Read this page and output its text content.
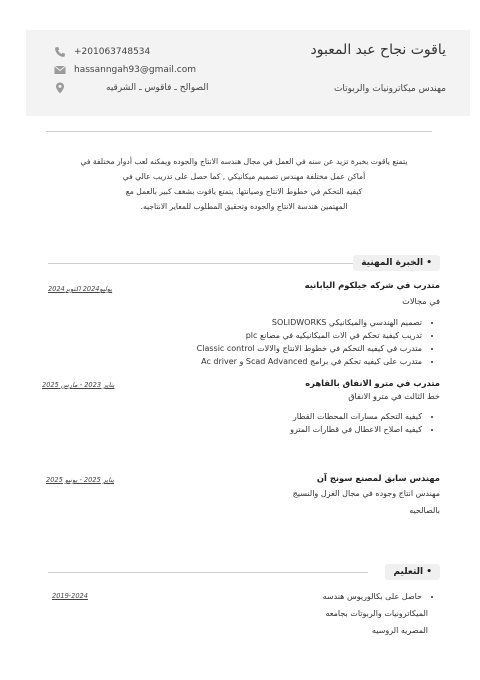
ياقوت نجاح عبد المعبود
مهندس ميكاترونيات والربوتات
+201063748534
hassanngah93@gmail.com
الصوالح ـ فاقوس ـ الشرقيه
يتمتع ياقوت بخبرة تزيد عن سنه في العمل في مجال هندسه الانتاج والجوده ويمكنه لعب أدوار مختلفة في
أماكن عمل مختلفة مهندس تصميم ميكانيكي , كما حصل على تدريب عالي في
كيفيه التحكم في خطوط الانتاج وصيانتها. يتمتع ياقوت بشغف كبير بالعمل مع
المهتمين هندسة الانتاج والجوده وتحقيق المطلوب للمعاير الانتاجيه.
• الخبرة المهنية
متدرب في شركه جيلكوم اليابانيه
يوليو2024 اكتوبر2024
في مجالات
• تصميم الهندسي والميكانيكي SOLIDWORKS
• تدريب كيفية تحكم في الات الميكانيكيه في مصانع plc
• متدرب في كيفيه التحكم في خطوط الانتاج والالات Classic control
• متدرب على كيفيه تحكم في برامج Scad Advanced و Ac driver
متدرب في مترو الانفاق بالقاهره
يناير 2023 - مارس 2025
خط الثالث في مترو الانفاق
• كيفيه التحكم مسارات المحطات القطار
• كيفيه اصلاح الاعطال في قطارات المترو
مهندس سابق لمصنع سونج آن
يناير 2025 - يونيو 2025
مهندس انتاج وجوده في مجال الغزل والنسيج
بالصالحيه
• التعليم
2019-2024
•	حاصل على بكالوريوس هندسه
الميكاترونيات والربوتات بجامعه
المصريه الروسيه
